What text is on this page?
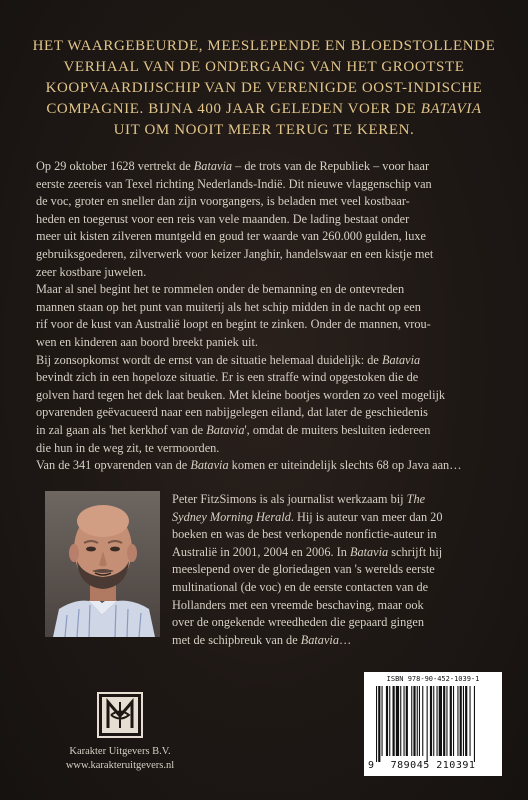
HET WAARGEBEURDE, MEESLEPENDE EN BLOEDSTOLLENDE

VERHAAL VAN DE ONDERGANG VAN HET GROOTSTE

KOOPVAARDIJSCHIP VAN DE VERENIGDE OOST-INDISCHE

COMPAGNIE. BIJNA 400 JAAR GELEDEN VOER DE BATAVIA

UIT OM NOOIT MEER TERUG TE KEREN.

Op 29 oktober 1628 vertrekt de Batavia – de trots van de Republiek – voor haar

eerste zeereis van Texel richting Nederlands-Indië. Dit nieuwe vlaggenschip van

de voc, groter en sneller dan zijn voorgangers, is beladen met veel kostbaar-

heden en toegerust voor een reis van vele maanden. De lading bestaat onder

meer uit kisten zilveren muntgeld en goud ter waarde van 260.000 gulden, luxe

gebruiksgoederen, zilverwerk voor keizer Janghir, handelswaar en een kistje met

zeer kostbare juwelen.

Maar al snel begint het te rommelen onder de bemanning en de ontevreden

mannen staan op het punt van muiterij als het schip midden in de nacht op een

rif voor de kust van Australië loopt en begint te zinken. Onder de mannen, vrou-

wen en kinderen aan boord breekt paniek uit.

Bij zonsopkomst wordt de ernst van de situatie helemaal duidelijk: de Batavia

bevindt zich in een hopeloze situatie. Er is een straffe wind opgestoken die de

golven hard tegen het dek laat beuken. Met kleine bootjes worden zo veel mogelijk

opvarenden geëvacueerd naar een nabijgelegen eiland, dat later de geschiedenis

in zal gaan als 'het kerkhof van de Batavia', omdat de muiters besluiten iedereen

die hun in de weg zit, te vermoorden.

Van de 341 opvarenden van de Batavia komen er uiteindelijk slechts 68 op Java aan…

Peter FitzSimons is als journalist werkzaam bij The

Sydney Morning Herald. Hij is auteur van meer dan 20

boeken en was de best verkopende nonfictie-auteur in

Australië in 2001, 2004 en 2006. In Batavia schrijft hij

meeslepend over de gloriedagen van 's werelds eerste

multinational (de voc) en de eerste contacten van de

Hollanders met een vreemde beschaving, maar ook

over de ongekende wreedheden die gepaard gingen

met de schipbreuk van de Batavia…

Karakter Uitgevers B.V.
www.karakteruitgevers.nl
ISBN 978-90-452-1039-1
9	789045 210391
